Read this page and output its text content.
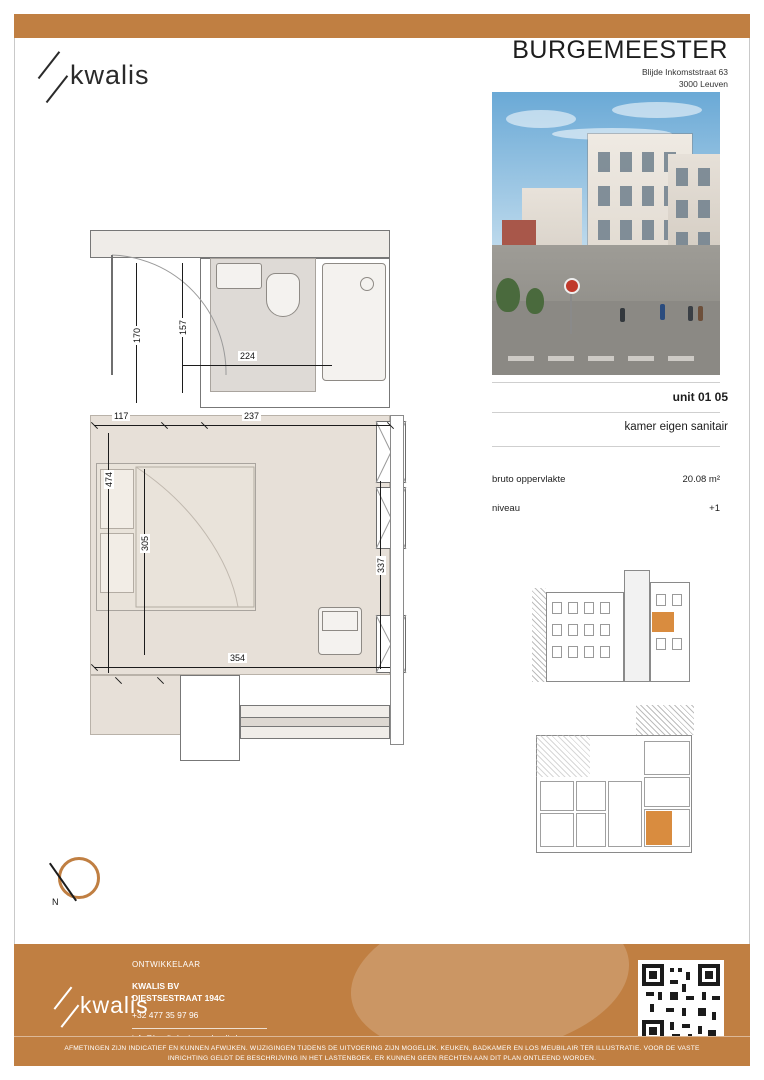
kwalis
BURGEMEESTER
Blijde Inkomststraat 63
3000 Leuven
unit 01 05
kamer eigen sanitair
bruto oppervlakte	20.08 m²
niveau	+1
170
157
224
117	237
474
305
337
354
N
kwalis
ONTWIKKELAAR
KWALIS BV
DIESTSESTRAAT 194C
+32 477 35 97 96
AFMETINGEN ZIJN INDICATIEF EN KUNNEN AFWIJKEN. WIJZIGINGEN TIJDENS DE UITVOERING ZIJN MOGELIJK. KEUKEN, BADKAMER EN LOS MEUBILAIR TER ILLUSTRATIE. VOOR DE VASTE
INRICHTING GELDT DE BESCHRIJVING IN HET LASTENBOEK. ER KUNNEN GEEN RECHTEN AAN DIT PLAN ONTLEEND WORDEN.
